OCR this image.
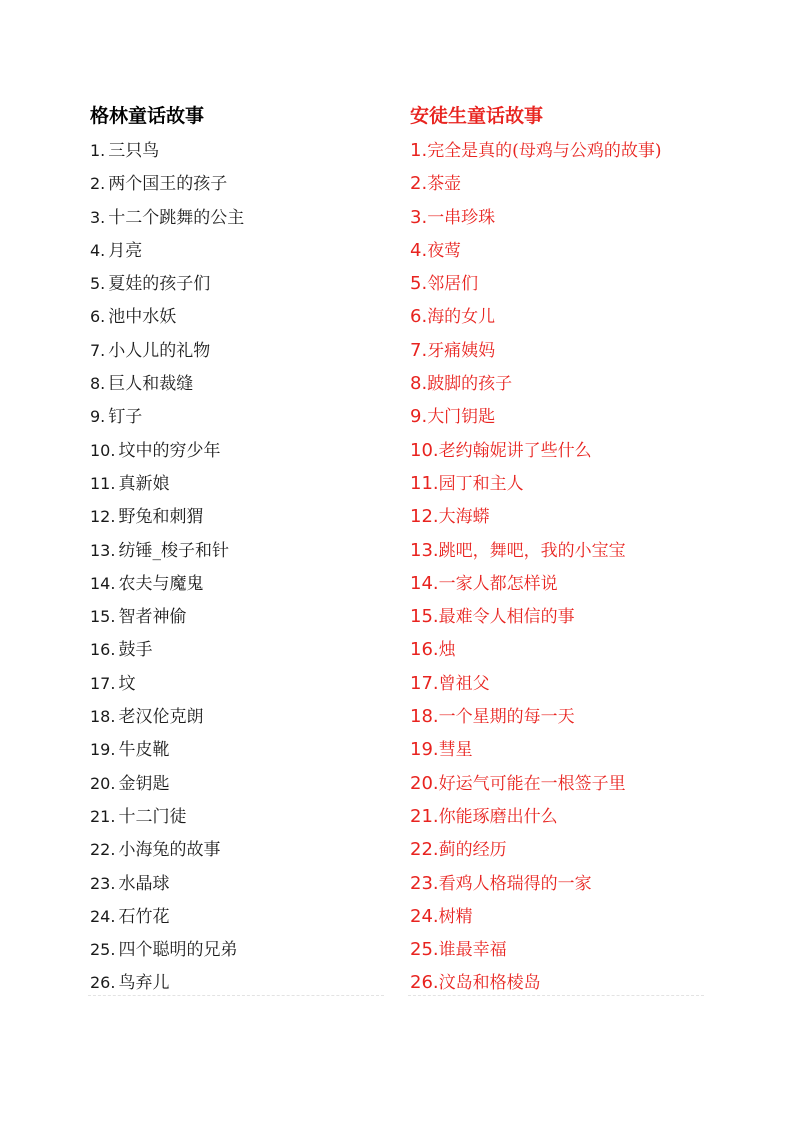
格林童话故事
1. 三只鸟
2. 两个国王的孩子
3. 十二个跳舞的公主
4. 月亮
5. 夏娃的孩子们
6. 池中水妖
7. 小人儿的礼物
8. 巨人和裁缝
9. 钉子
10. 坟中的穷少年
11. 真新娘
12. 野兔和刺猬
13. 纺锤_梭子和针
14. 农夫与魔鬼
15. 智者神偷
16. 鼓手
17. 坟
18. 老汉伦克朗
19. 牛皮靴
20. 金钥匙
21. 十二门徒
22. 小海兔的故事
23. 水晶球
24. 石竹花
25. 四个聪明的兄弟
26. 鸟弃儿
安徒生童话故事
1.完全是真的(母鸡与公鸡的故事)
2.茶壶
3.一串珍珠
4.夜莺
5.邻居们
6.海的女儿
7.牙痛姨妈
8.跛脚的孩子
9.大门钥匙
10.老约翰妮讲了些什么
11.园丁和主人
12.大海蟒
13.跳吧，舞吧，我的小宝宝
14.一家人都怎样说
15.最难令人相信的事
16.烛
17.曾祖父
18.一个星期的每一天
19.彗星
20.好运气可能在一根签子里
21.你能琢磨出什么
22.蓟的经历
23.看鸡人格瑞得的一家
24.树精
25.谁最幸福
26.汶岛和格棱岛
